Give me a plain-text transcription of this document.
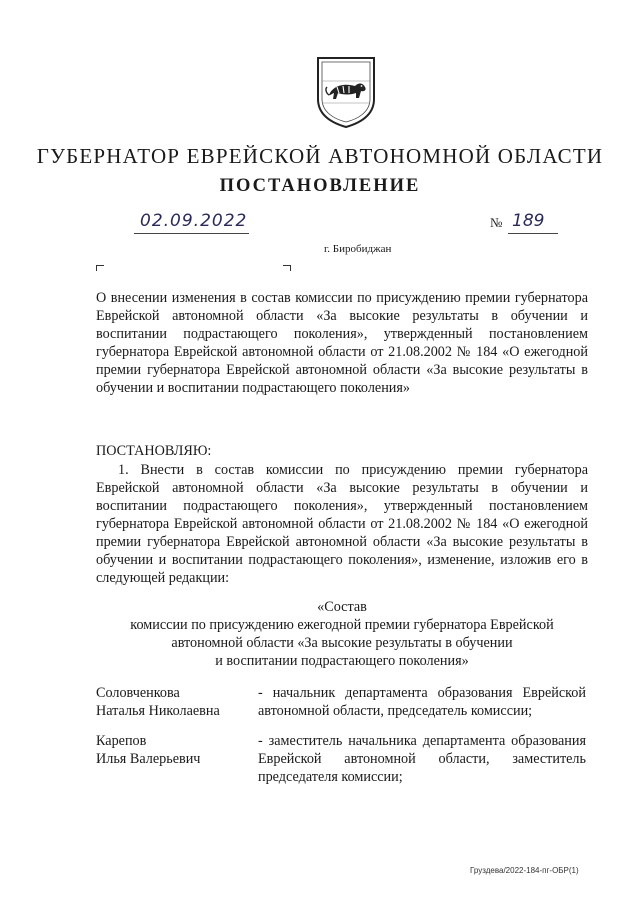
ГУБЕРНАТОР ЕВРЕЙСКОЙ АВТОНОМНОЙ ОБЛАСТИ
ПОСТАНОВЛЕНИЕ
02.09.2022	№ 189
г. Биробиджан
О внесении изменения в состав комиссии по присуждению премии губернатора Еврейской автономной области «За высокие результаты в обучении и воспитании подрастающего поколения», утвержденный постановлением губернатора Еврейской автономной области от 21.08.2002 № 184 «О ежегодной премии губернатора Еврейской автономной области «За высокие результаты в обучении и воспитании подрастающего поколения»
ПОСТАНОВЛЯЮ:
1. Внести в состав комиссии по присуждению премии губернатора Еврейской автономной области «За высокие результаты в обучении и воспитании подрастающего поколения», утвержденный постановлением губернатора Еврейской автономной области от 21.08.2002 № 184 «О ежегодной премии губернатора Еврейской автономной области «За высокие результаты в обучении и воспитании подрастающего поколения», изменение, изложив его в следующей редакции:
«Состав
комиссии по присуждению ежегодной премии губернатора Еврейской
автономной области «За высокие результаты в обучении
и воспитании подрастающего поколения»
Соловченкова
Наталья Николаевна
- начальник департамента образования Еврейской автономной области, председатель комиссии;
Карепов
Илья Валерьевич
- заместитель начальника департамента образования Еврейской автономной области, заместитель председателя комиссии;
Груздева/2022-184-пг-ОБР(1)
